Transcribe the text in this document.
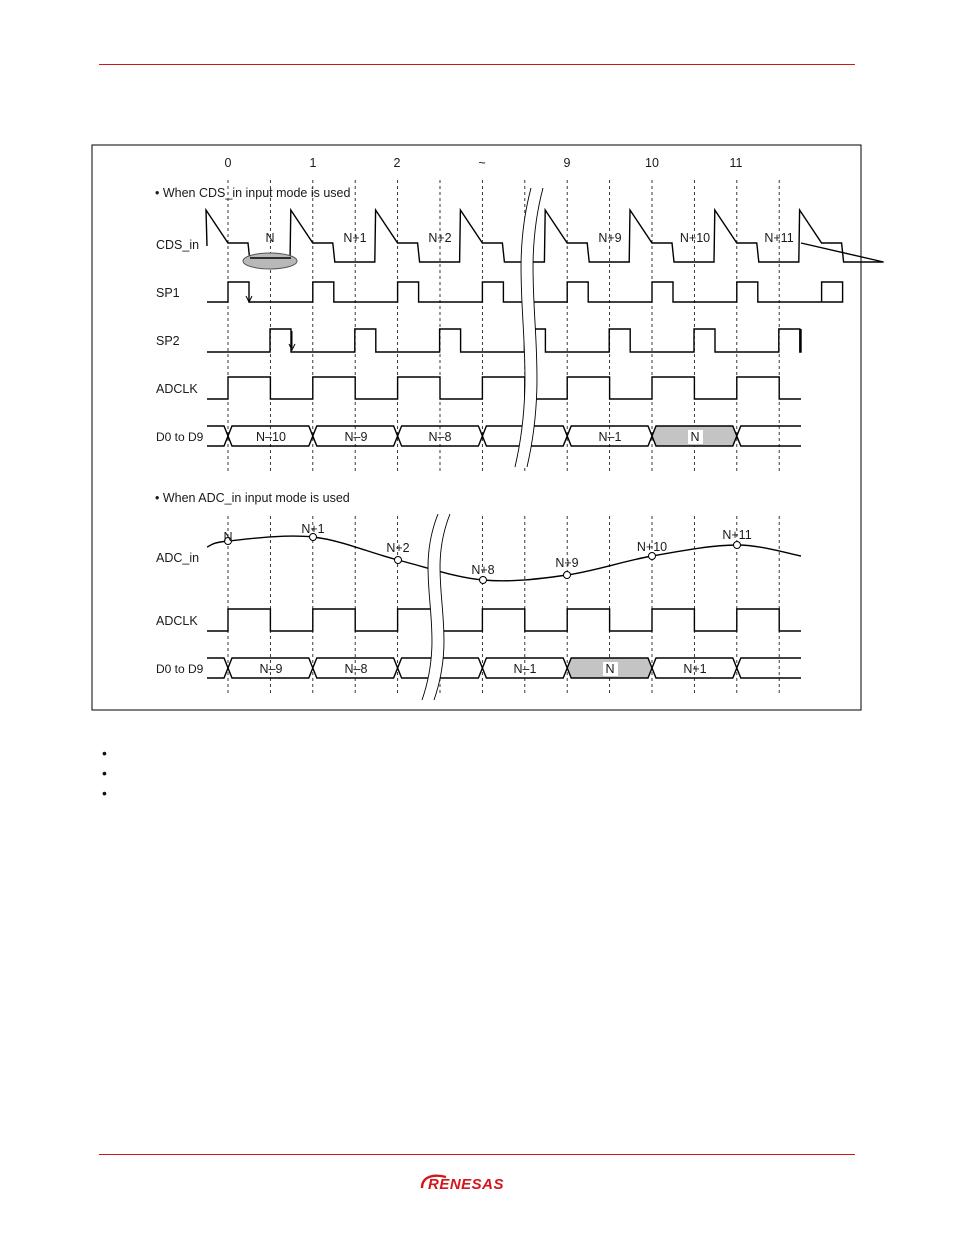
0	1	2	~	9	10	11
• When CDS_in input mode is used
CDS_in
SP1
SP2
ADCLK
D0 to D9
N	N+1	N+2	N+9	N+10	N+11
N–10	N–9	N–8	N–1	N
• When ADC_in input mode is used
ADC_in
ADCLK
D0 to D9
N
N+1
N+2
N+8	N+9
N+10
N+11
N–9	N–8	N–1	N	N+1
•
•
•
RENESAS
